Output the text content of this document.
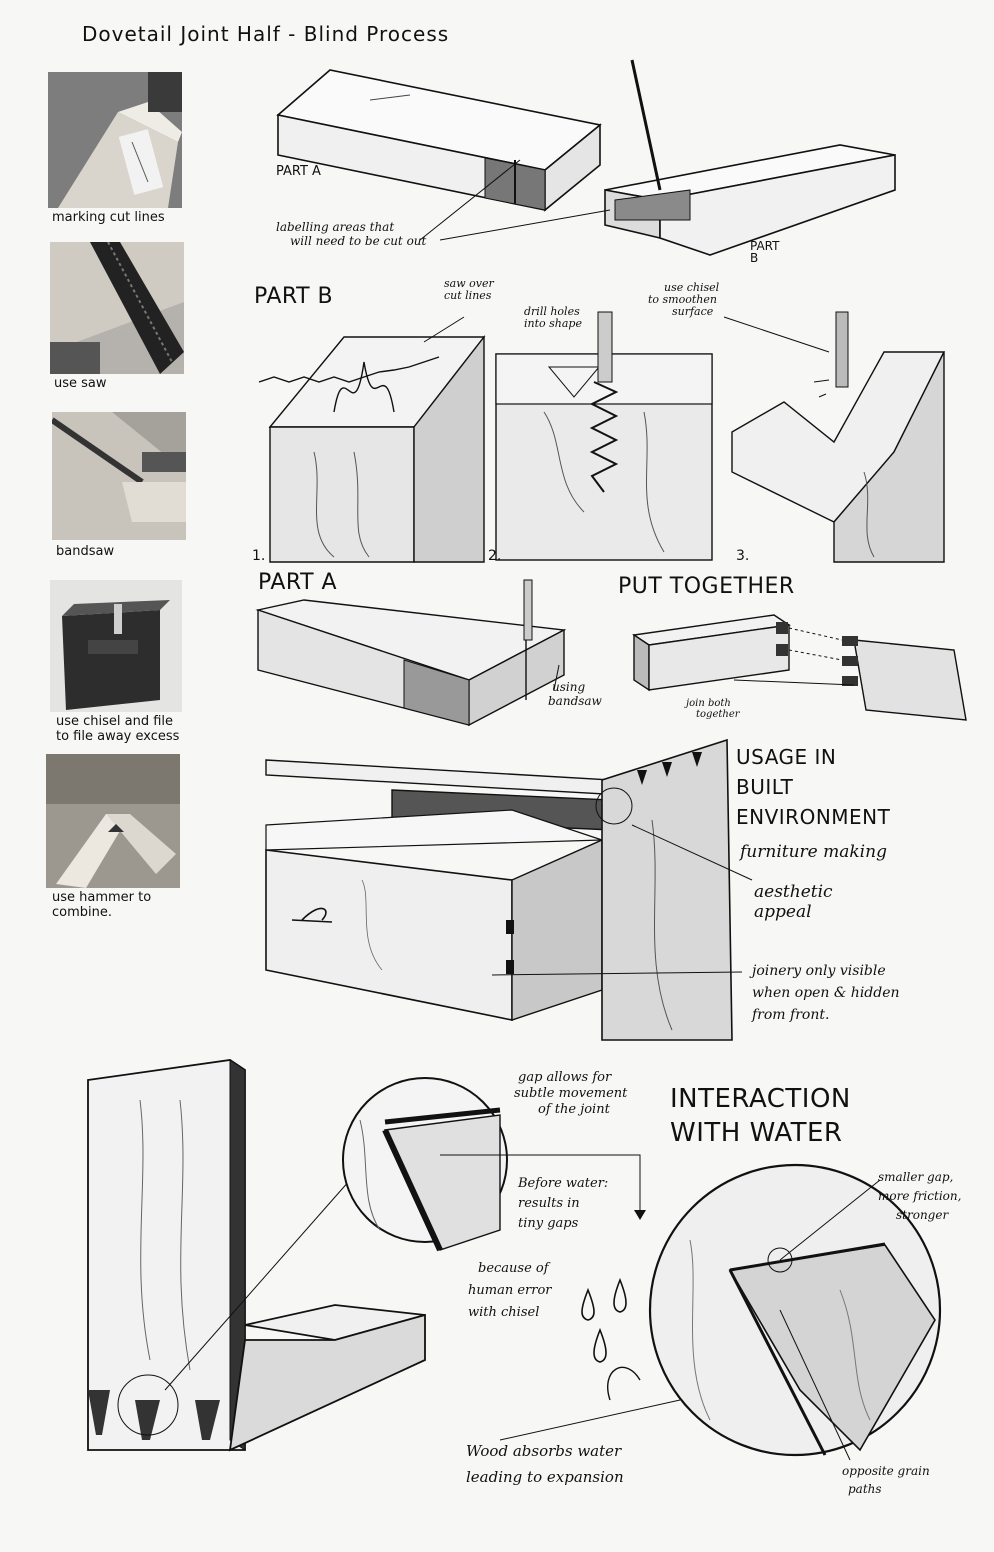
Dovetail Joint Half - Blind Process
marking cut lines
use saw
bandsaw
use chisel and file
to file away excess
use hammer to
combine.
PART A
PART
B
labelling areas that
will need to be cut out
PART B
saw over
cut lines
drill holes
into shape
use chisel
to smoothen
surface
1.	2.	3.
PART A	PUT TOGETHER
using
bandsaw	join both
together
USAGE IN
BUILT
ENVIRONMENT
furniture making
aesthetic
appeal
joinery only visible
when open & hidden
from front.
INTERACTION
WITH WATER
gap allows for
subtle movement
of the joint
Before water:
results in
tiny gaps
because of
human error
with chisel
smaller gap,
more friction,
stronger
Wood absorbs water
leading to expansion	opposite grain
paths
